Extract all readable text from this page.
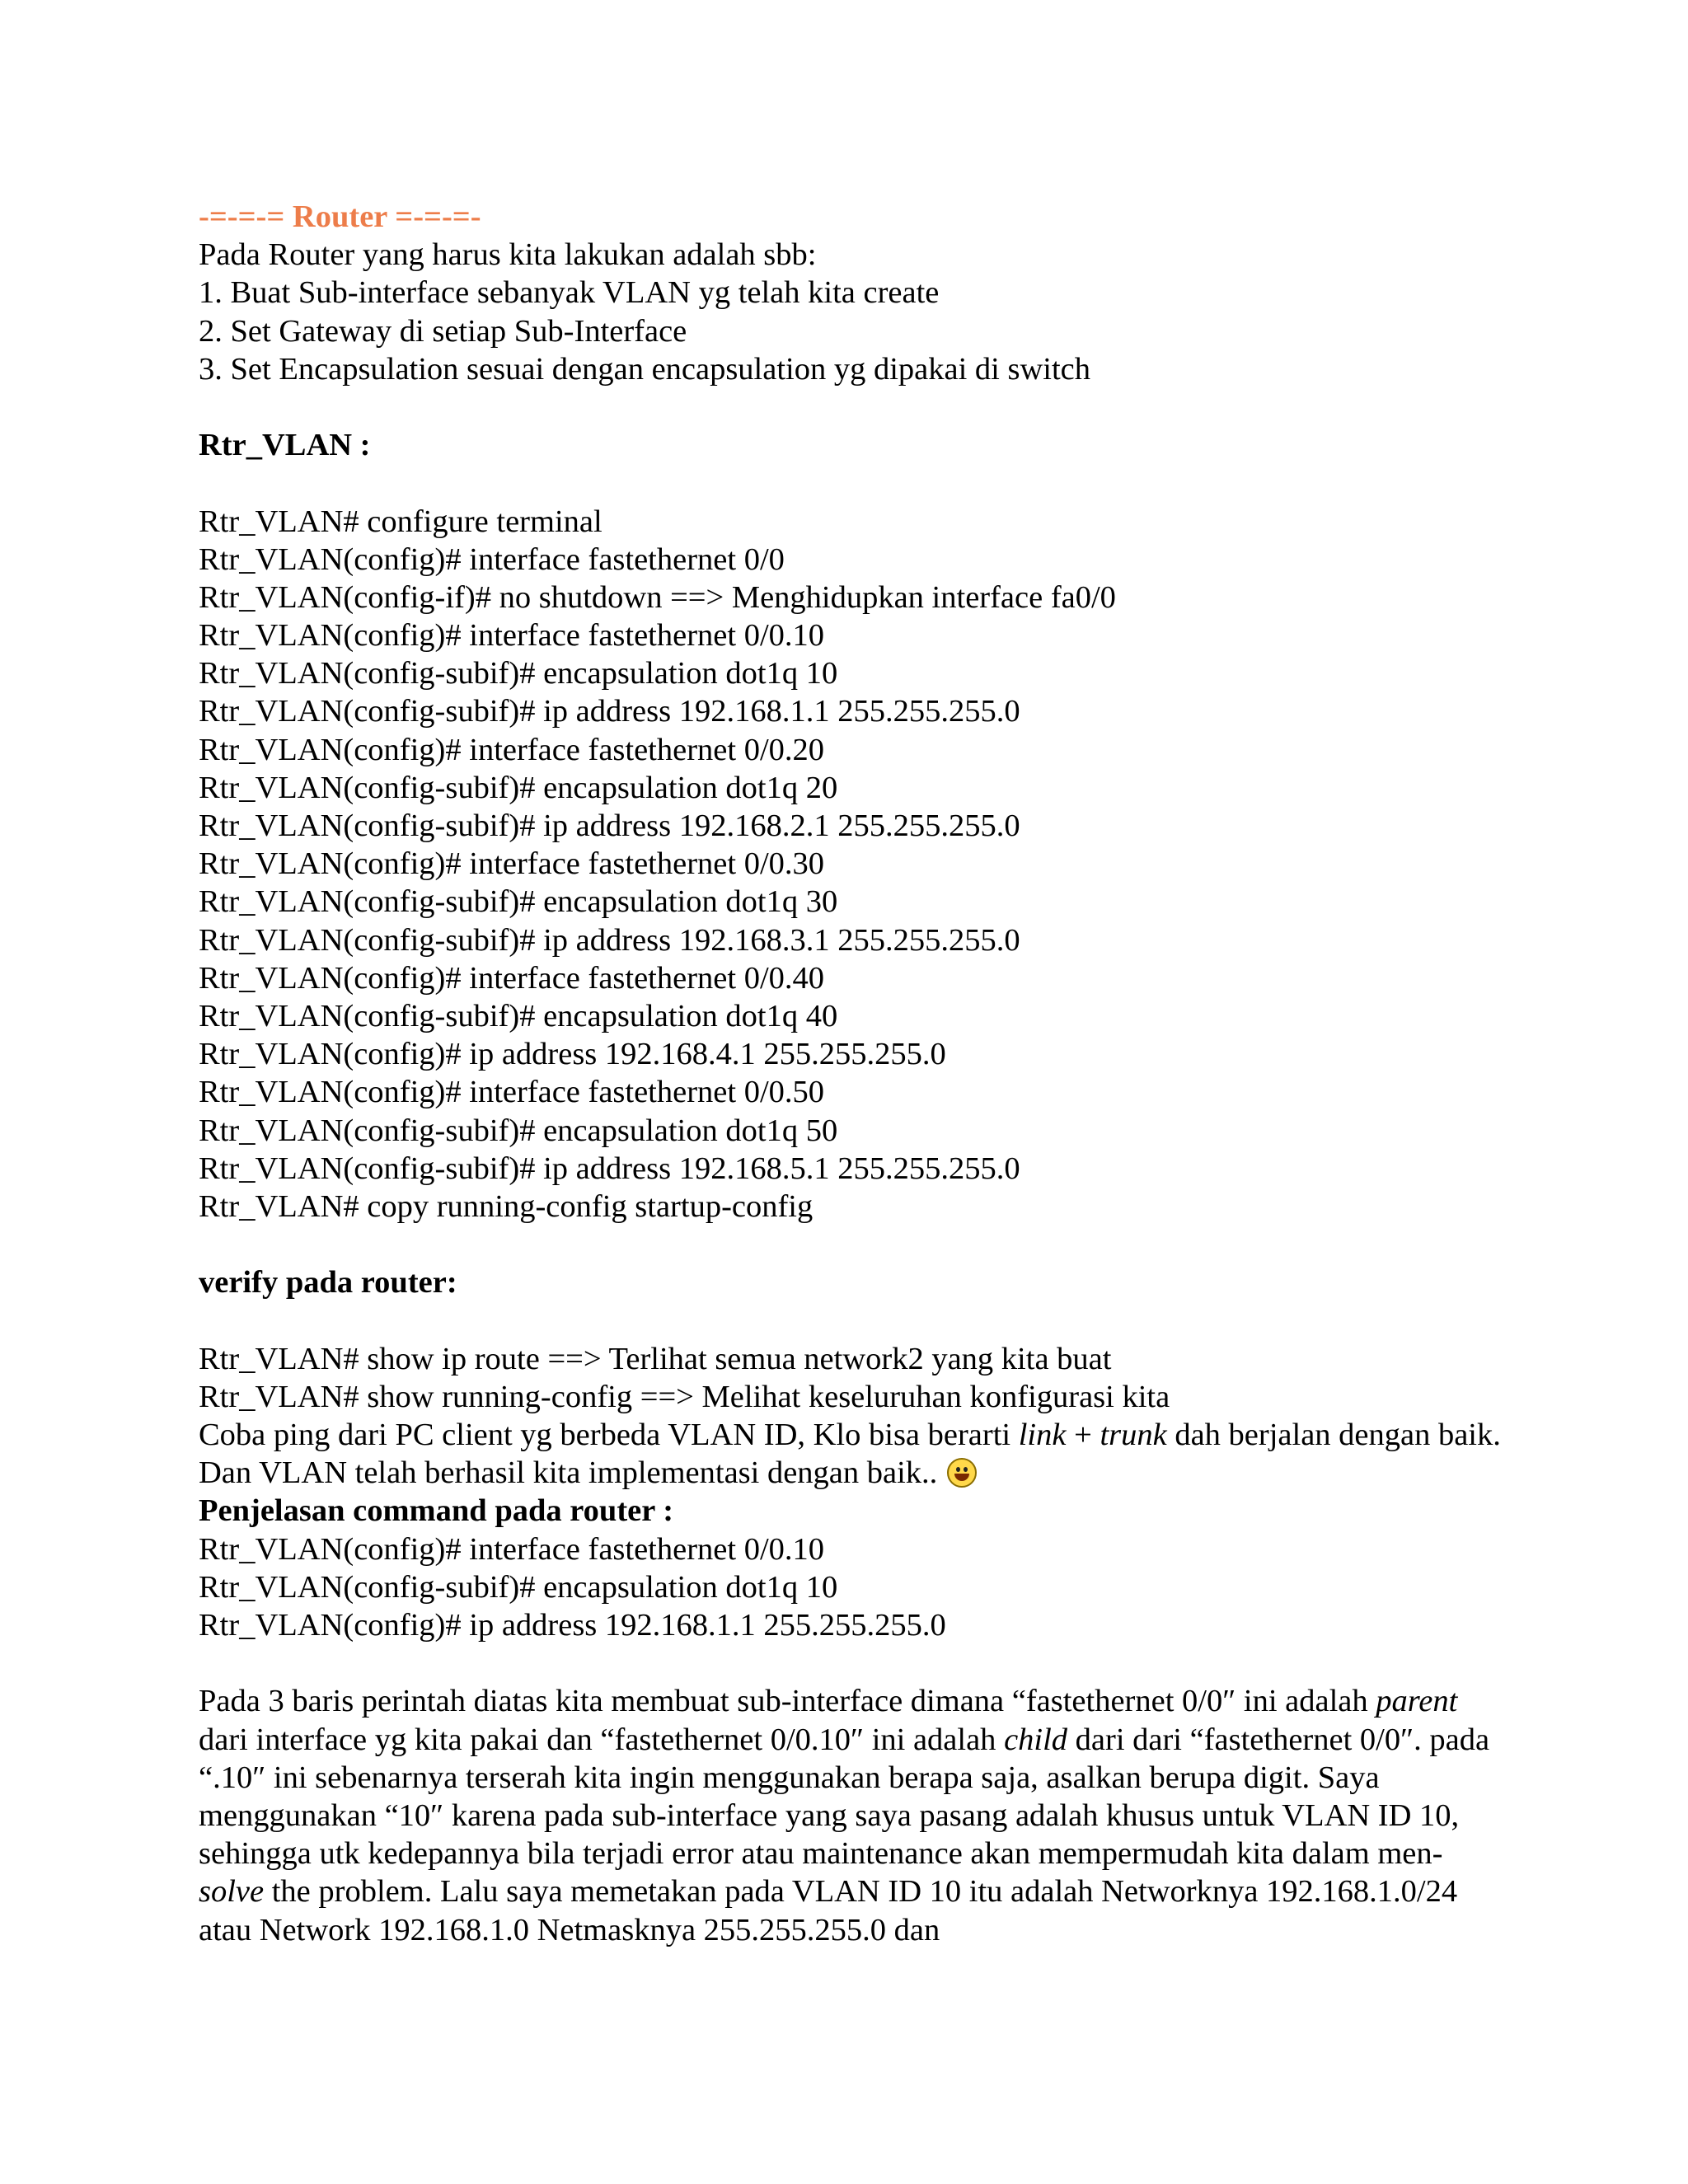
-=-=-= Router =-=-=-

Pada Router yang harus kita lakukan adalah sbb:

1. Buat Sub-interface sebanyak VLAN yg telah kita create

2. Set Gateway di setiap Sub-Interface

3. Set Encapsulation sesuai dengan encapsulation yg dipakai di switch

Rtr_VLAN :

Rtr_VLAN# configure terminal

Rtr_VLAN(config)# interface fastethernet 0/0

Rtr_VLAN(config-if)# no shutdown ==> Menghidupkan interface fa0/0

Rtr_VLAN(config)# interface fastethernet 0/0.10

Rtr_VLAN(config-subif)# encapsulation dot1q 10

Rtr_VLAN(config-subif)# ip address 192.168.1.1 255.255.255.0

Rtr_VLAN(config)# interface fastethernet 0/0.20

Rtr_VLAN(config-subif)# encapsulation dot1q 20

Rtr_VLAN(config-subif)# ip address 192.168.2.1 255.255.255.0

Rtr_VLAN(config)# interface fastethernet 0/0.30

Rtr_VLAN(config-subif)# encapsulation dot1q 30

Rtr_VLAN(config-subif)# ip address 192.168.3.1 255.255.255.0

Rtr_VLAN(config)# interface fastethernet 0/0.40

Rtr_VLAN(config-subif)# encapsulation dot1q 40

Rtr_VLAN(config)# ip address 192.168.4.1 255.255.255.0

Rtr_VLAN(config)# interface fastethernet 0/0.50

Rtr_VLAN(config-subif)# encapsulation dot1q 50

Rtr_VLAN(config-subif)# ip address 192.168.5.1 255.255.255.0

Rtr_VLAN# copy running-config startup-config

verify pada router:

Rtr_VLAN# show ip route ==> Terlihat semua network2 yang kita buat

Rtr_VLAN# show running-config ==> Melihat keseluruhan konfigurasi kita

Coba ping dari PC client yg berbeda VLAN ID, Klo bisa berarti link + trunk dah berjalan dengan baik. Dan VLAN telah berhasil kita implementasi dengan baik..

Penjelasan command pada router :

Rtr_VLAN(config)# interface fastethernet 0/0.10

Rtr_VLAN(config-subif)# encapsulation dot1q 10

Rtr_VLAN(config)# ip address 192.168.1.1 255.255.255.0

Pada 3 baris perintah diatas kita membuat sub-interface dimana “fastethernet 0/0″ ini adalah parent dari interface yg kita pakai dan “fastethernet 0/0.10″ ini adalah child dari dari “fastethernet 0/0″. pada “.10″ ini sebenarnya terserah kita ingin menggunakan berapa saja, asalkan berupa digit. Saya menggunakan “10″ karena pada sub-interface yang saya pasang adalah khusus untuk VLAN ID 10, sehingga utk kedepannya bila terjadi error atau maintenance akan mempermudah kita dalam men-solve the problem. Lalu saya memetakan pada VLAN ID 10 itu adalah Networknya 192.168.1.0/24 atau Network 192.168.1.0 Netmasknya 255.255.255.0 dan
